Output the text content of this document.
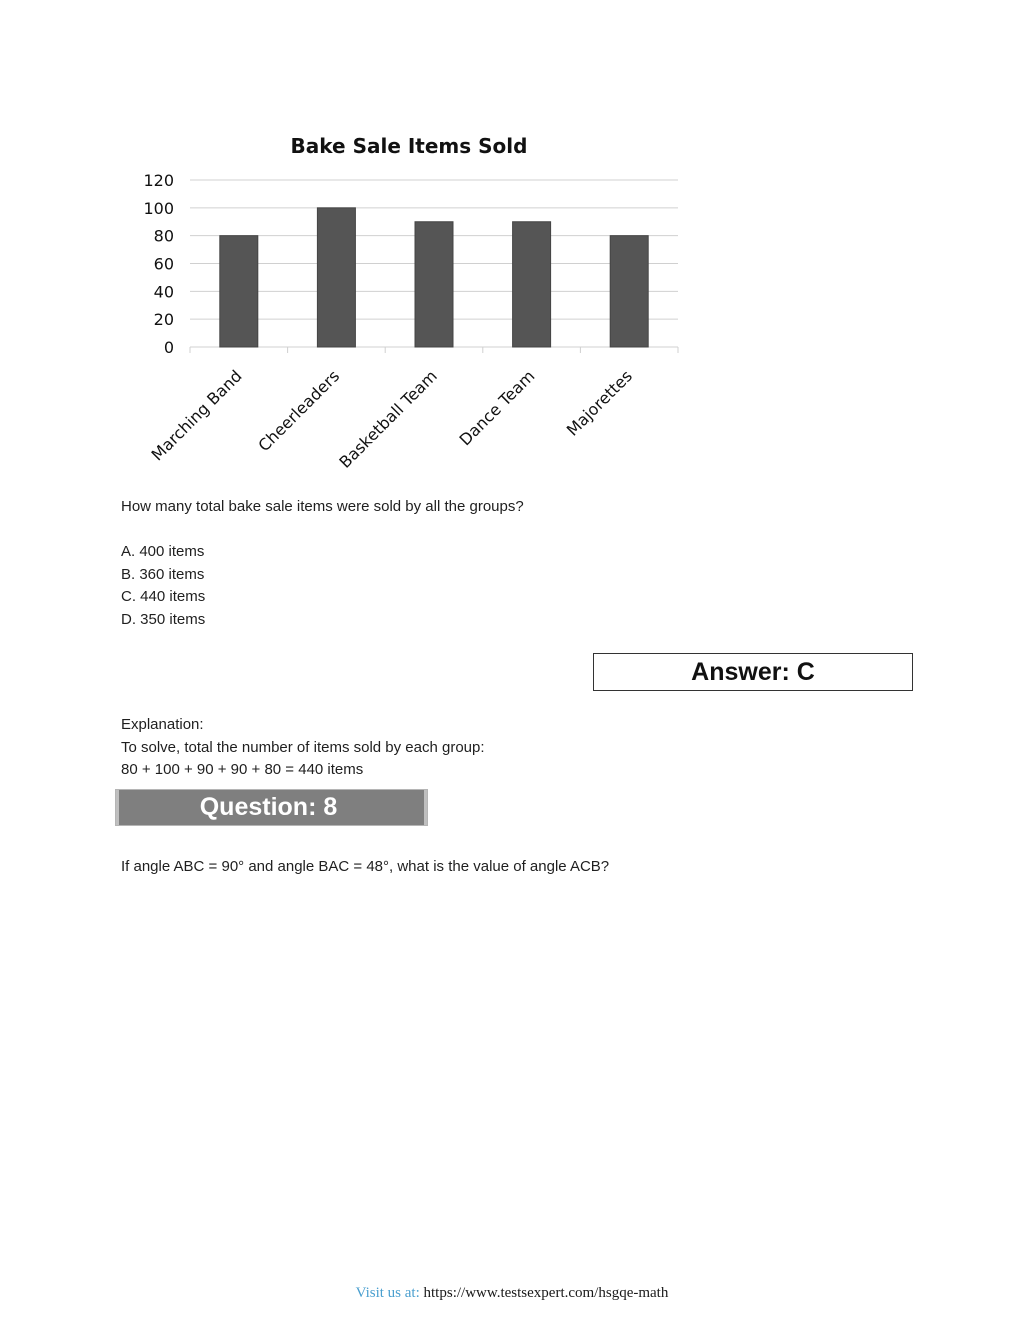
Bake Sale Items Sold
0
20
40
60
80
100
120
Marching Band Cheerleaders
Basketball Team Dance Team Majorettes
How many total bake sale items were sold by all the groups?
A. 400 items
B. 360 items
C. 440 items
D. 350 items
Answer: C
Explanation:
To solve, total the number of items sold by each group:
80 + 100 + 90 + 90 + 80 = 440 items
Question: 8
If angle ABC = 90° and angle BAC = 48°, what is the value of angle ACB?
Visit us at: https://www.testsexpert.com/hsgqe-math
